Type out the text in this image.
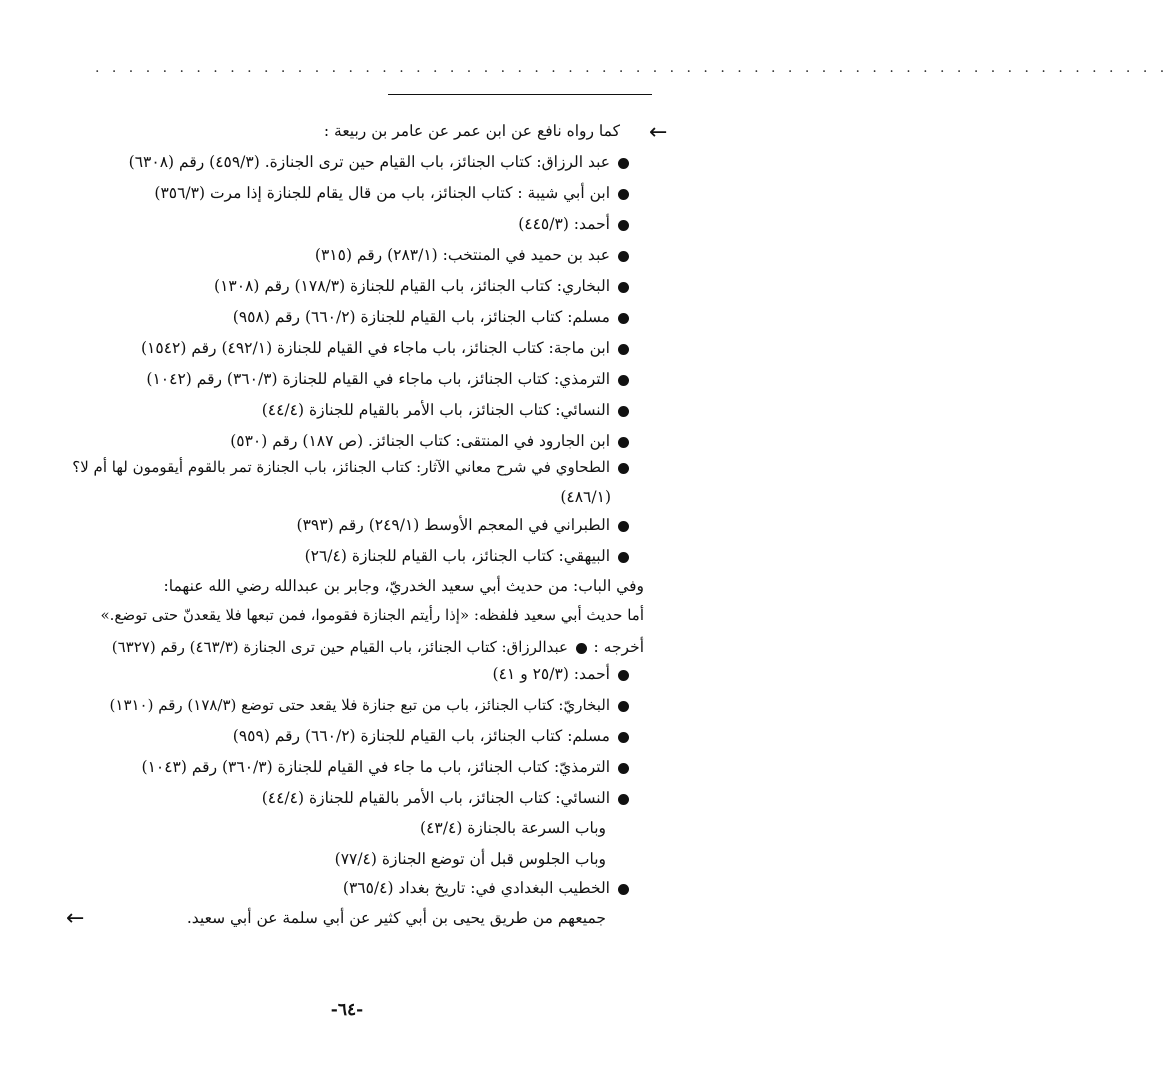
. . . . . . . . . . . . . . . . . . . . . . . . . . . . . . . . . . . . . . . . . . . . . . . . . . . . . . . . . . . . . . . .
←
كما رواه نافع عن ابن عمر عن عامر بن ربيعة :
عبد الرزاق: كتاب الجنائز، باب القيام حين ترى الجنازة. (٤٥٩/٣) رقم (٦٣٠٨)
ابن أبي شيبة : كتاب الجنائز، باب من قال يقام للجنازة إذا مرت (٣٥٦/٣)
أحمد: (٤٤٥/٣)
عبد بن حميد في المنتخب: (٢٨٣/١) رقم (٣١٥)
البخاري: كتاب الجنائز، باب القيام للجنازة (١٧٨/٣) رقم (١٣٠٨)
مسلم: كتاب الجنائز، باب القيام للجنازة (٦٦٠/٢) رقم (٩٥٨)
ابن ماجة: كتاب الجنائز، باب ماجاء في القيام للجنازة (٤٩٢/١) رقم (١٥٤٢)
الترمذي: كتاب الجنائز، باب ماجاء في القيام للجنازة (٣٦٠/٣) رقم (١٠٤٢)
النسائي: كتاب الجنائز، باب الأمر بالقيام للجنازة (٤٤/٤)
ابن الجارود في المنتقى: كتاب الجنائز. (ص ١٨٧) رقم (٥٣٠)
الطحاوي في شرح معاني الآثار: كتاب الجنائز، باب الجنازة تمر بالقوم أيقومون لها أم لا؟
(٤٨٦/١)
الطبراني في المعجم الأوسط (٢٤٩/١) رقم (٣٩٣)
البيهقي: كتاب الجنائز، باب القيام للجنازة (٢٦/٤)
وفي الباب: من حديث أبي سعيد الخدريّ، وجابر بن عبدالله رضي الله عنهما:
أما حديث أبي سعيد فلفظه: «إذا رأيتم الجنازة فقوموا، فمن تبعها فلا يقعدنّ حتى توضع.»
أخرجه :
عبدالرزاق: كتاب الجنائز، باب القيام حين ترى الجنازة (٤٦٣/٣) رقم (٦٣٢٧)
أحمد: (٢٥/٣ و ٤١)
البخاريّ: كتاب الجنائز، باب من تبع جنازة فلا يقعد حتى توضع (١٧٨/٣) رقم (١٣١٠)
مسلم: كتاب الجنائز، باب القيام للجنازة (٦٦٠/٢) رقم (٩٥٩)
الترمذيّ: كتاب الجنائز، باب ما جاء في القيام للجنازة (٣٦٠/٣) رقم (١٠٤٣)
النسائي: كتاب الجنائز، باب الأمر بالقيام للجنازة (٤٤/٤)
وباب السرعة بالجنازة (٤٣/٤)
وباب الجلوس قبل أن توضع الجنازة (٧٧/٤)
الخطيب البغدادي في: تاريخ بغداد (٣٦٥/٤)
←	جميعهم من طريق يحيى بن أبي كثير عن أبي سلمة عن أبي سعيد.
-٦٤-
